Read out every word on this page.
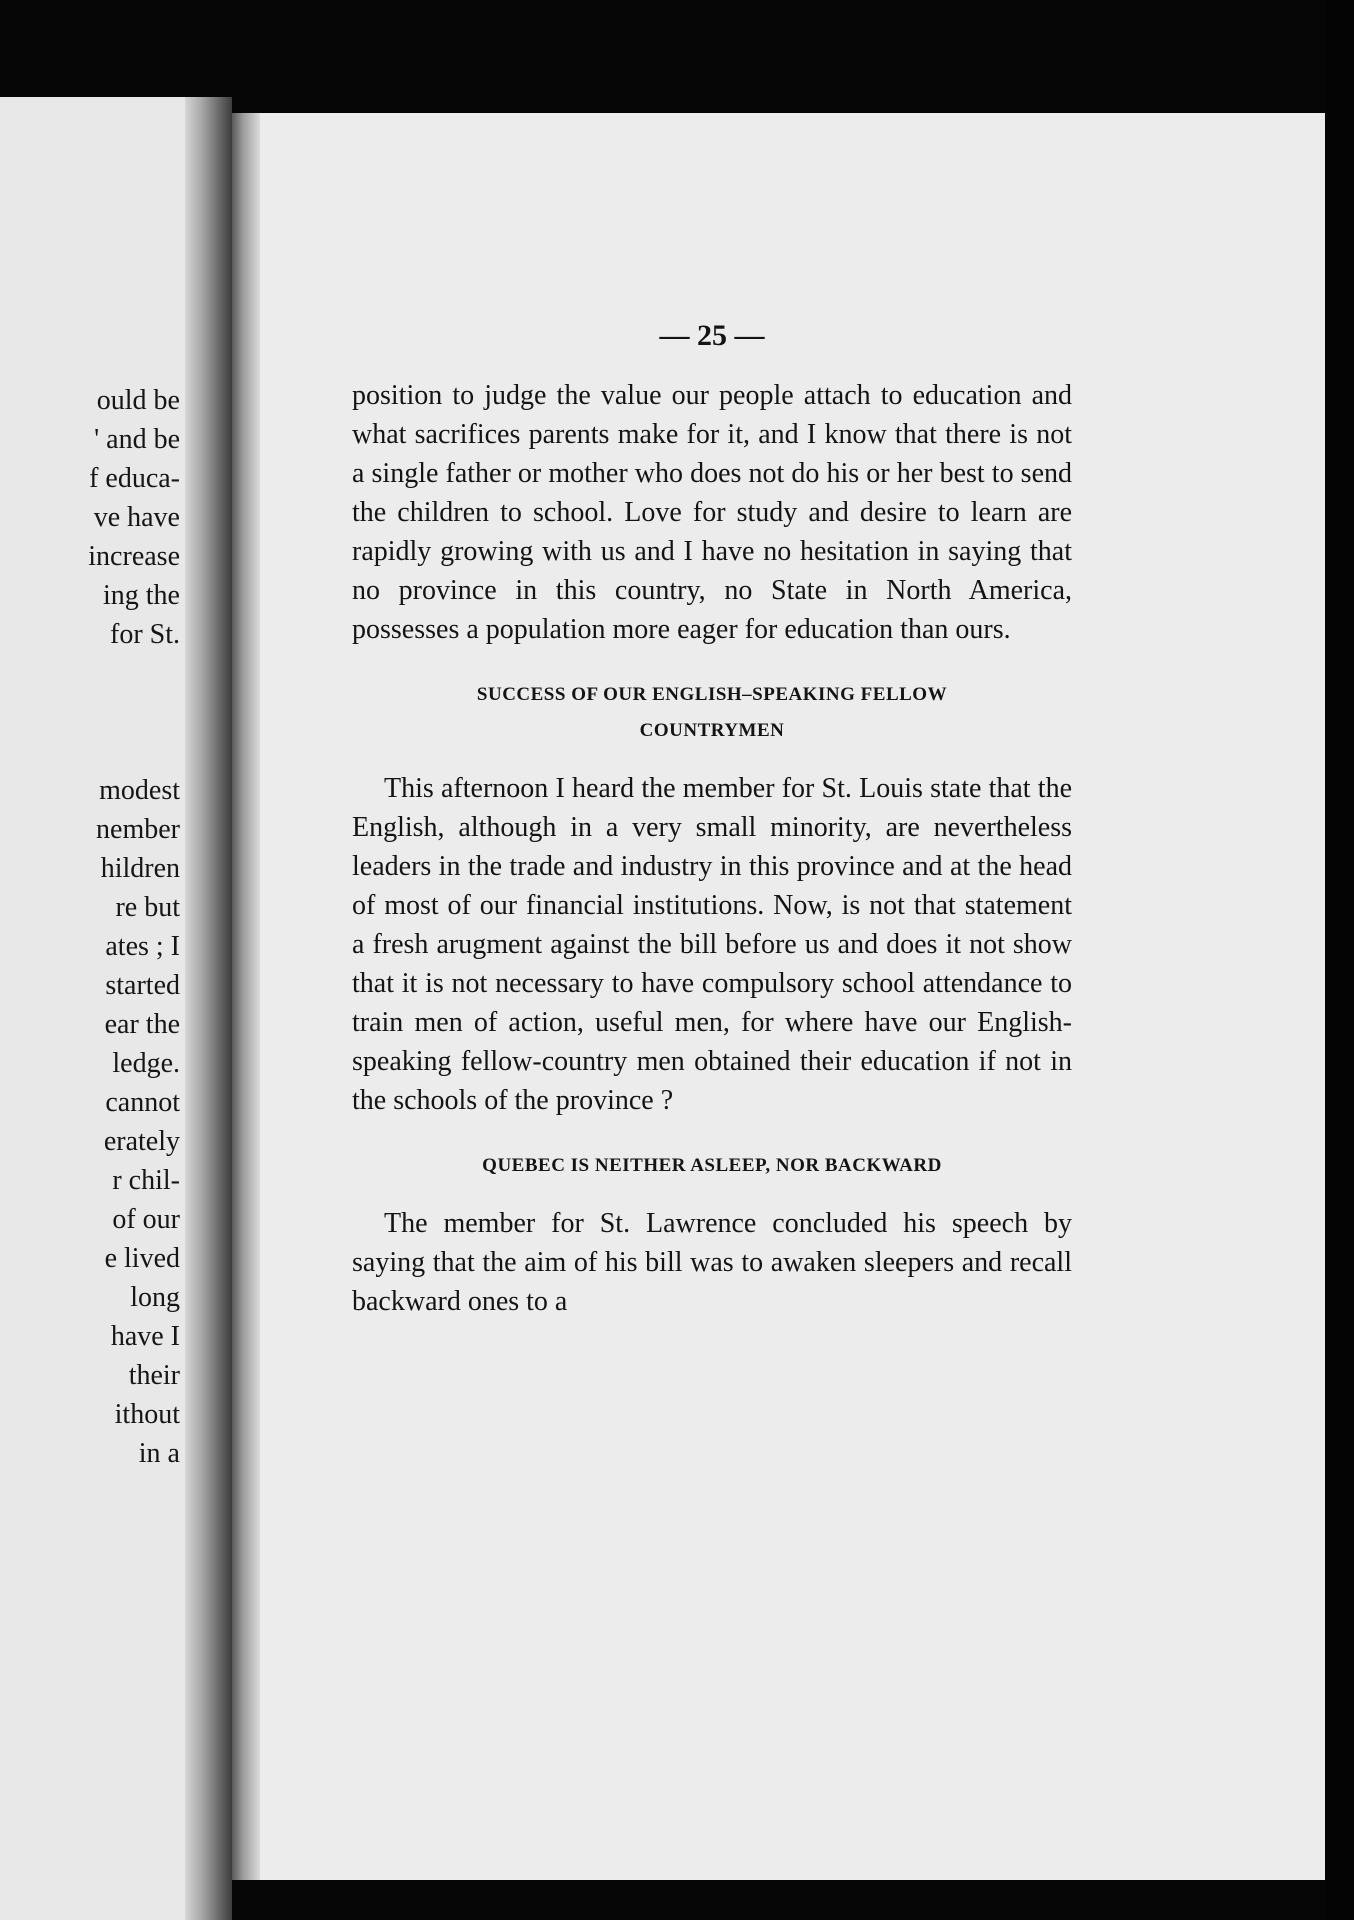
ould be
' and be
f educa-
ve have
increase
ing the
for St.

modest
nember
hildren
re but
ates ; I
started
ear the
ledge.
cannot
erately
r chil-
of our
e lived
long
have I
their
ithout
in a
— 25 —

position to judge the value our people attach to education and what sacrifices parents make for it, and I know that there is not a single father or mother who does not do his or her best to send the children to school. Love for study and desire to learn are rapidly growing with us and I have no hesitation in saying that no province in this country, no State in North America, possesses a population more eager for education than ours.

SUCCESS OF OUR ENGLISH–SPEAKING FELLOW
COUNTRYMEN

This afternoon I heard the member for St. Louis state that the English, although in a very small minority, are nevertheless leaders in the trade and industry in this province and at the head of most of our financial institutions. Now, is not that statement a fresh arugment against the bill before us and does it not show that it is not necessary to have compulsory school attendance to train men of action, useful men, for where have our English-speaking fellow-country men obtained their education if not in the schools of the province ?

QUEBEC IS NEITHER ASLEEP, NOR BACKWARD

The member for St. Lawrence concluded his speech by saying that the aim of his bill was to awaken sleepers and recall backward ones to a
